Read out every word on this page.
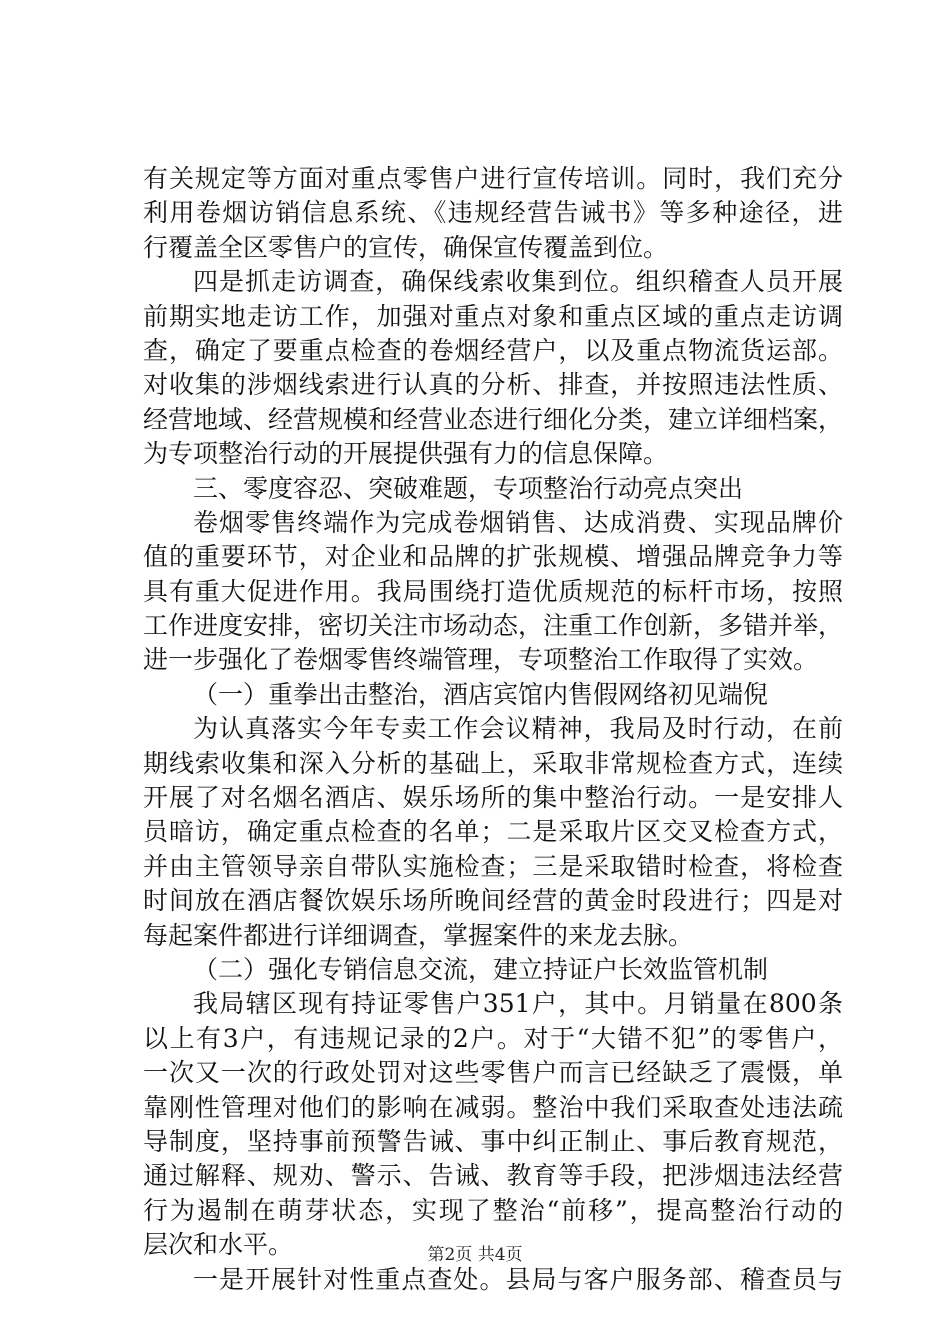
有关规定等方面对重点零售户进行宣传培训。同时，我们充分
利用卷烟访销信息系统、《违规经营告诫书》等多种途径，进
行覆盖全区零售户的宣传，确保宣传覆盖到位。
四是抓走访调查，确保线索收集到位。组织稽查人员开展
前期实地走访工作，加强对重点对象和重点区域的重点走访调
查，确定了要重点检查的卷烟经营户，以及重点物流货运部。
对收集的涉烟线索进行认真的分析、排查，并按照违法性质、
经营地域、经营规模和经营业态进行细化分类，建立详细档案，
为专项整治行动的开展提供强有力的信息保障。
三、零度容忍、突破难题，专项整治行动亮点突出
卷烟零售终端作为完成卷烟销售、达成消费、实现品牌价
值的重要环节，对企业和品牌的扩张规模、增强品牌竞争力等
具有重大促进作用。我局围绕打造优质规范的标杆市场，按照
工作进度安排，密切关注市场动态，注重工作创新，多错并举，
进一步强化了卷烟零售终端管理，专项整治工作取得了实效。
（一）重拳出击整治，酒店宾馆内售假网络初见端倪
为认真落实今年专卖工作会议精神，我局及时行动，在前
期线索收集和深入分析的基础上，采取非常规检查方式，连续
开展了对名烟名酒店、娱乐场所的集中整治行动。一是安排人
员暗访，确定重点检查的名单；二是采取片区交叉检查方式，
并由主管领导亲自带队实施检查；三是采取错时检查，将检查
时间放在酒店餐饮娱乐场所晚间经营的黄金时段进行；四是对
每起案件都进行详细调查，掌握案件的来龙去脉。
（二）强化专销信息交流，建立持证户长效监管机制
我局辖区现有持证零售户351户，其中。月销量在800条
以上有3户，有违规记录的2户。对于“大错不犯”的零售户，
一次又一次的行政处罚对这些零售户而言已经缺乏了震慑，单
靠刚性管理对他们的影响在减弱。整治中我们采取查处违法疏
导制度，坚持事前预警告诫、事中纠正制止、事后教育规范，
通过解释、规劝、警示、告诫、教育等手段，把涉烟违法经营
行为遏制在萌芽状态，实现了整治“前移”，提高整治行动的
层次和水平。
一是开展针对性重点查处。县局与客户服务部、稽查员与
第2页 共4页
